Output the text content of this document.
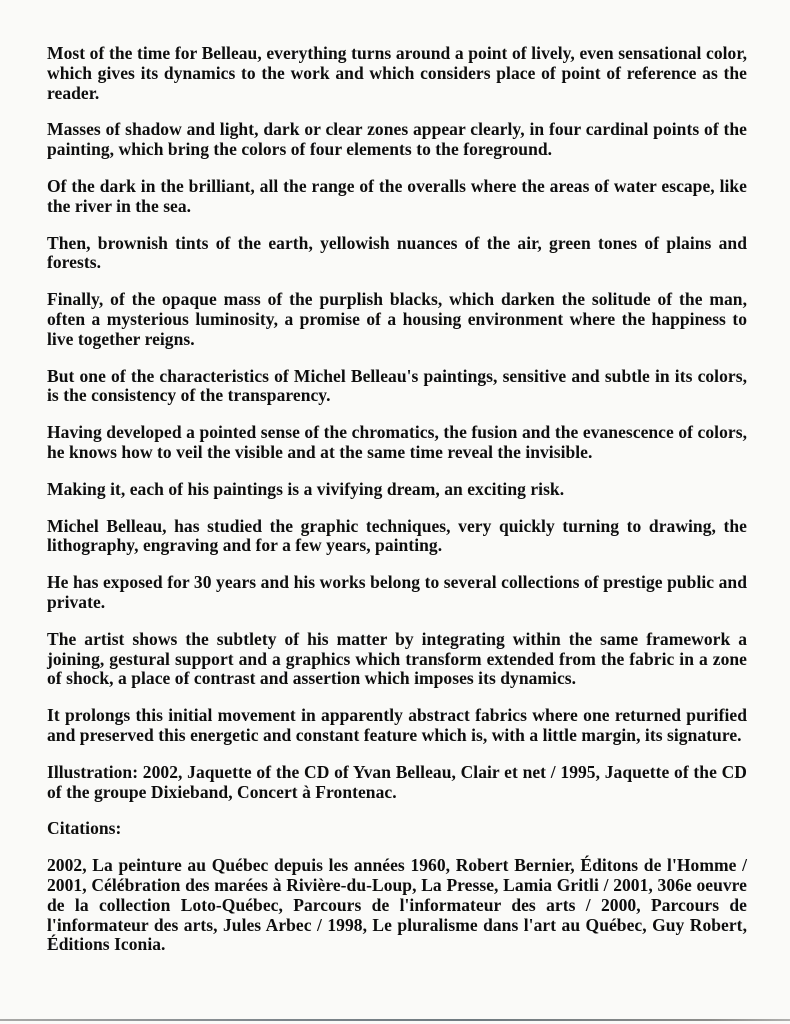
Most of the time for Belleau, everything turns around a point of lively, even sensational color, which gives its dynamics to the work and which considers place of point of reference as the reader.

Masses of shadow and light, dark or clear zones appear clearly, in four cardinal points of the painting, which bring the colors of four elements to the foreground.

Of the dark in the brilliant, all the range of the overalls where the areas of water escape, like the river in the sea.

Then, brownish tints of the earth, yellowish nuances of the air, green tones of plains and forests.

Finally, of the opaque mass of the purplish blacks, which darken the solitude of the man, often a mysterious luminosity, a promise of a housing environment where the happiness to live together reigns.

But one of the characteristics of Michel Belleau's paintings, sensitive and subtle in its colors, is the consistency of the transparency.

Having developed a pointed sense of the chromatics, the fusion and the evanescence of colors, he knows how to veil the visible and at the same time reveal the invisible.

Making it, each of his paintings is a vivifying dream, an exciting risk.

Michel Belleau, has studied the graphic techniques, very quickly turning to drawing, the lithography, engraving and for a few years, painting.

He has exposed for 30 years and his works belong to several collections of prestige public and private.

The artist shows the subtlety of his matter by integrating within the same framework a joining, gestural support and a graphics which transform extended from the fabric in a zone of shock, a place of contrast and assertion which imposes its dynamics.

It prolongs this initial movement in apparently abstract fabrics where one returned purified and preserved this energetic and constant feature which is, with a little margin, its signature.

Illustration: 2002, Jaquette of the CD of Yvan Belleau, Clair et net / 1995, Jaquette of the CD of the groupe Dixieband, Concert à Frontenac.

Citations:

2002, La peinture au Québec depuis les années 1960, Robert Bernier, Éditons de l'Homme / 2001, Célébration des marées à Rivière-du-Loup, La Presse, Lamia Gritli / 2001, 306e oeuvre de la collection Loto-Québec, Parcours de l'informateur des arts / 2000, Parcours de l'informateur des arts, Jules Arbec / 1998, Le pluralisme dans l'art au Québec, Guy Robert, Éditions Iconia.
